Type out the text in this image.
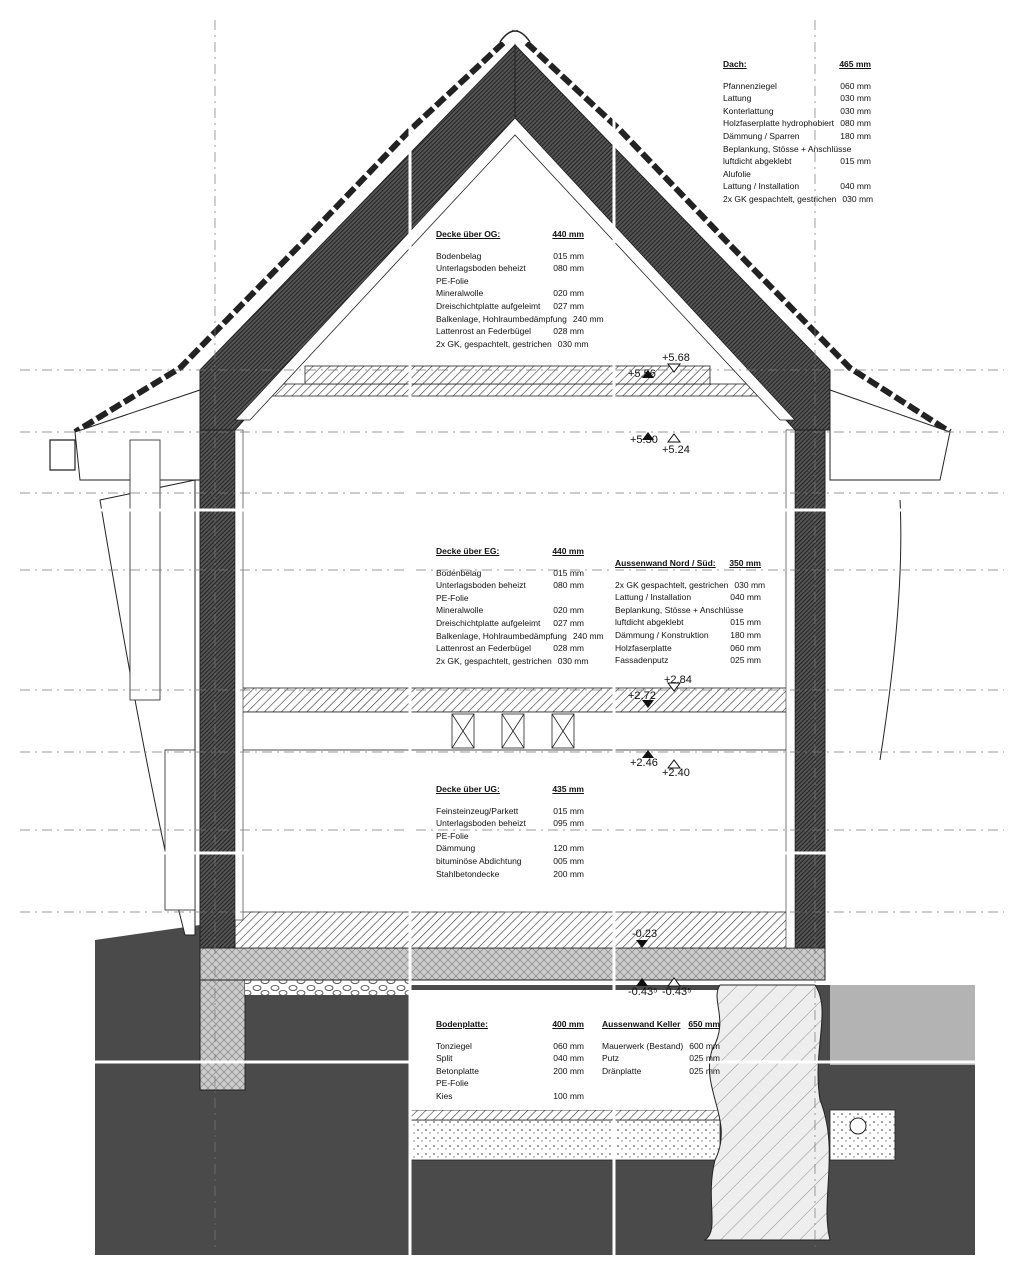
+5.68
+5.56
+5.30
+5.24
+2.84
+2.72
+2.46
+2.40
-0.23
-0.43⁵ -0.43⁵
Dach:	465 mm
Pfannenziegel	060 mm
Lattung	030 mm
Konterlattung	030 mm
Holzfaserplatte hydrophobiert 080 mm
Dämmung / Sparren	180 mm
Beplankung, Stösse + Anschlüsse
luftdicht abgeklebt	015 mm
Alufolie
Lattung / Installation	040 mm
2x GK gespachtelt, gestrichen 030 mm
Decke über OG:	440 mm
Bodenbelag	015 mm
Unterlagsboden beheizt	080 mm
PE-Folie
Mineralwolle	020 mm
Dreischichtplatte aufgeleimt	027 mm
Balkenlage, Hohlraumbedämpfung 240 mm
Lattenrost an Federbügel	028 mm
2x GK, gespachtelt, gestrichen 030 mm
Decke über EG:	440 mm
Bodenbelag	015 mm
Unterlagsboden beheizt	080 mm
PE-Folie
Mineralwolle	020 mm
Dreischichtplatte aufgeleimt	027 mm
Balkenlage, Hohlraumbedämpfung 240 mm
Lattenrost an Federbügel	028 mm
2x GK, gespachtelt, gestrichen 030 mm
Aussenwand Nord / Süd: 350 mm
2x GK gespachtelt, gestrichen 030 mm
Lattung / Installation	040 mm
Beplankung, Stösse + Anschlüsse
luftdicht abgeklebt	015 mm
Dämmung / Konstruktion	180 mm
Holzfaserplatte	060 mm
Fassadenputz	025 mm
Decke über UG:	435 mm
Feinsteinzeug/Parkett	015 mm
Unterlagsboden beheizt	095 mm
PE-Folie
Dämmung	120 mm
bituminöse Abdichtung	005 mm
Stahlbetondecke	200 mm
Bodenplatte:	400 mm
Tonziegel	060 mm
Split	040 mm
Betonplatte	200 mm
PE-Folie
Kies	100 mm
Aussenwand Keller 650 mm
Mauerwerk (Bestand) 600 mm
Putz	025 mm
Dränplatte	025 mm
